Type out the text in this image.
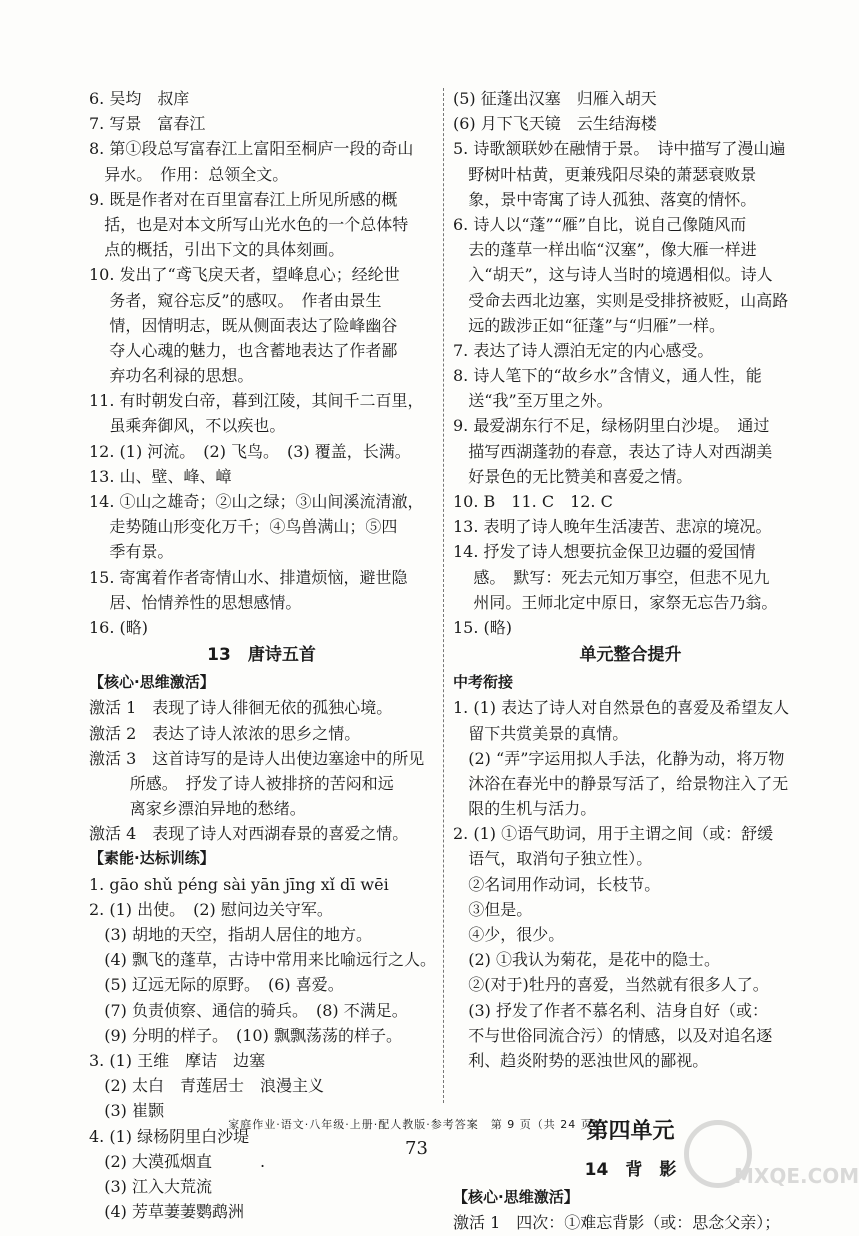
6. 吴均　叔庠
7. 写景　富春江
8. 第①段总写富春江上富阳至桐庐一段的奇山
异水。　作用：总领全文。
9. 既是作者对在百里富春江上所见所感的概
括，也是对本文所写山光水色的一个总体特
点的概括，引出下文的具体刻画。
10. 发出了“鸢飞戾天者，望峰息心；经纶世
务者，窥谷忘反”的感叹。　作者由景生
情，因情明志，既从侧面表达了险峰幽谷
夺人心魂的魅力，也含蓄地表达了作者鄙
弃功名利禄的思想。
11. 有时朝发白帝，暮到江陵，其间千二百里，
虽乘奔御风，不以疾也。
12. (1) 河流。　(2) 飞鸟。　(3) 覆盖，长满。
13. 山、壁、峰、嶂
14. ①山之雄奇；②山之绿；③山间溪流清澈，
走势随山形变化万千；④鸟兽满山；⑤四
季有景。
15. 寄寓着作者寄情山水、排遣烦恼，避世隐
居、怡情养性的思想感情。
16. (略)
13　唐诗五首
【核心·思维激活】
激活 1　表现了诗人徘徊无依的孤独心境。
激活 2　表达了诗人浓浓的思乡之情。
激活 3　这首诗写的是诗人出使边塞途中的所见
所感。　抒发了诗人被排挤的苦闷和远
离家乡漂泊异地的愁绪。
激活 4　表现了诗人对西湖春景的喜爱之情。
【素能·达标训练】
1. gāo shǔ péng sài yān jīng xǐ dī wēi
2. (1) 出使。　(2) 慰问边关守军。
(3) 胡地的天空，指胡人居住的地方。
(4) 飘飞的蓬草，古诗中常用来比喻远行之人。
(5) 辽远无际的原野。　(6) 喜爱。
(7) 负责侦察、通信的骑兵。　(8) 不满足。
(9) 分明的样子。　(10) 飘飘荡荡的样子。
3. (1) 王维　摩诘　边塞
(2) 太白　青莲居士　浪漫主义
(3) 崔颢
4. (1) 绿杨阴里白沙堤
(2) 大漠孤烟直　　　.
(3) 江入大荒流
(4) 芳草萋萋鹦鹉洲
(5) 征蓬出汉塞　归雁入胡天
(6) 月下飞天镜　云生结海楼
5. 诗歌颔联妙在融情于景。　诗中描写了漫山遍
野树叶枯黄，更兼残阳尽染的萧瑟衰败景
象，景中寄寓了诗人孤独、落寞的情怀。
6. 诗人以“蓬”“雁”自比，说自己像随风而
去的蓬草一样出临“汉塞”，像大雁一样进
入“胡天”，这与诗人当时的境遇相似。诗人
受命去西北边塞，实则是受排挤被贬，山高路
远的跋涉正如“征蓬”与“归雁”一样。
7. 表达了诗人漂泊无定的内心感受。
8. 诗人笔下的“故乡水”含情义，通人性，能
送“我”至万里之外。
9. 最爱湖东行不足，绿杨阴里白沙堤。　通过
描写西湖蓬勃的春意，表达了诗人对西湖美
好景色的无比赞美和喜爱之情。
10. B　11. C　12. C
13. 表明了诗人晚年生活凄苦、悲凉的境况。
14. 抒发了诗人想要抗金保卫边疆的爱国情
感。　默写：死去元知万事空，但悲不见九
州同。王师北定中原日，家祭无忘告乃翁。
15. (略)
单元整合提升
中考衔接
1. (1) 表达了诗人对自然景色的喜爱及希望友人
留下共赏美景的真情。
(2) “弄”字运用拟人手法，化静为动，将万物
沐浴在春光中的静景写活了，给景物注入了无
限的生机与活力。
2. (1) ①语气助词，用于主谓之间（或：舒缓
语气，取消句子独立性）。
②名词用作动词，长枝节。
③但是。
④少，很少。
(2) ①我认为菊花，是花中的隐士。
②(对于)牡丹的喜爱，当然就有很多人了。
(3) 抒发了作者不慕名利、洁身自好（或：
不与世俗同流合污）的情感，以及对追名逐
利、趋炎附势的恶浊世风的鄙视。
第四单元
14　背　影
【核心·思维激活】
激活 1　四次：①难忘背影（或：思念父亲）；
家庭作业·语文·八年级·上册·配人教版·参考答案　第 9 页（共 24 页）
73
MXQE.COM
